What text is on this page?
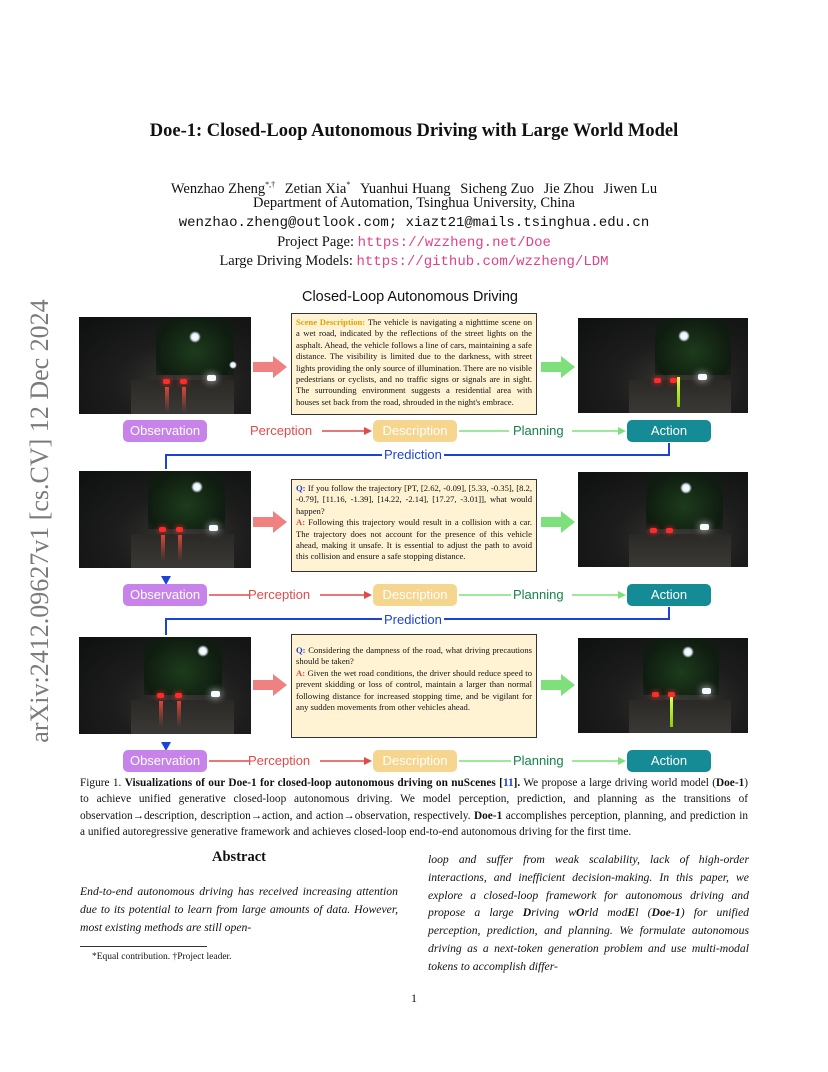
arXiv:2412.09627v1 [cs.CV] 12 Dec 2024
Doe-1: Closed-Loop Autonomous Driving with Large World Model
Wenzhao Zheng*,† Zetian Xia* Yuanhui Huang Sicheng Zuo Jie Zhou Jiwen Lu
Department of Automation, Tsinghua University, China
wenzhao.zheng@outlook.com; xiazt21@mails.tsinghua.edu.cn
Project Page: https://wzzheng.net/Doe
Large Driving Models: https://github.com/wzzheng/LDM
Closed-Loop Autonomous Driving
Scene Description: The vehicle is navigating a nighttime scene on a wet road, indicated by the reflections of the street lights on the asphalt. Ahead, the vehicle follows a line of cars, maintaining a safe distance. The visibility is limited due to the darkness, with street lights providing the only source of illumination. There are no visible pedestrians or cyclists, and no traffic signs or signals are in sight. The surrounding environment suggests a residential area with houses set back from the road, shrouded in the night's embrace.
Observation	Perception	Description	Planning	Action
Prediction
Q: If you follow the trajectory [PT, [2.62, -0.09], [5.33, -0.35], [8.2, -0.79], [11.16, -1.39], [14.22, -2.14], [17.27, -3.01]], what would happen?
A: Following this trajectory would result in a collision with a car. The trajectory does not account for the presence of this vehicle ahead, making it unsafe. It is essential to adjust the path to avoid this collision and ensure a safe stopping distance.
Observation	Perception	Description	Planning	Action
Prediction
Q: Considering the dampness of the road, what driving precautions should be taken?
A: Given the wet road conditions, the driver should reduce speed to prevent skidding or loss of control, maintain a larger than normal following distance for increased stopping time, and be vigilant for any sudden movements from other vehicles ahead.
Observation	Perception	Description	Planning	Action
Figure 1. Visualizations of our Doe-1 for closed-loop autonomous driving on nuScenes [11]. We propose a large driving world model (Doe-1) to achieve unified generative closed-loop autonomous driving. We model perception, prediction, and planning as the transitions of observation→description, description→action, and action→observation, respectively. Doe-1 accomplishes perception, planning, and prediction in a unified autoregressive generative framework and achieves closed-loop end-to-end autonomous driving for the first time.
Abstract
End-to-end autonomous driving has received increasing attention due to its potential to learn from large amounts of data. However, most existing methods are still open-
loop and suffer from weak scalability, lack of high-order interactions, and inefficient decision-making. In this paper, we explore a closed-loop framework for autonomous driving and propose a large Driving wOrld modEl (Doe-1) for unified perception, prediction, and planning. We formulate autonomous driving as a next-token generation problem and use multi-modal tokens to accomplish differ-
*Equal contribution. †Project leader.
1
